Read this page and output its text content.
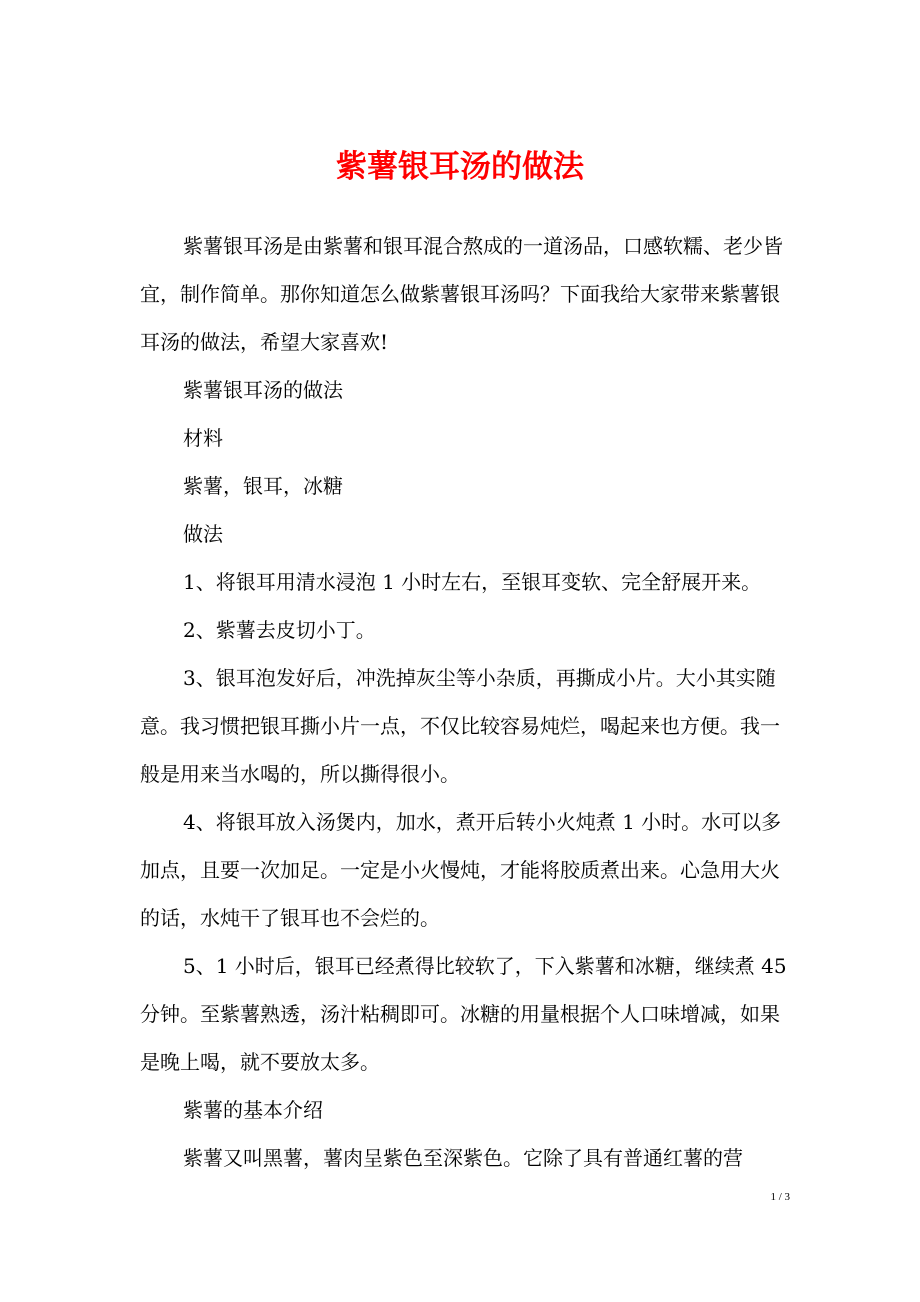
紫薯银耳汤的做法

紫薯银耳汤是由紫薯和银耳混合熬成的一道汤品，口感软糯、老少皆宜，制作简单。那你知道怎么做紫薯银耳汤吗？下面我给大家带来紫薯银耳汤的做法，希望大家喜欢!

紫薯银耳汤的做法

材料

紫薯，银耳，冰糖

做法

1、将银耳用清水浸泡 1 小时左右，至银耳变软、完全舒展开来。

2、紫薯去皮切小丁。

3、银耳泡发好后，冲洗掉灰尘等小杂质，再撕成小片。大小其实随意。我习惯把银耳撕小片一点，不仅比较容易炖烂，喝起来也方便。我一般是用来当水喝的，所以撕得很小。

4、将银耳放入汤煲内，加水，煮开后转小火炖煮 1 小时。水可以多加点，且要一次加足。一定是小火慢炖，才能将胶质煮出来。心急用大火的话，水炖干了银耳也不会烂的。

5、1 小时后，银耳已经煮得比较软了，下入紫薯和冰糖，继续煮 45 分钟。至紫薯熟透，汤汁粘稠即可。冰糖的用量根据个人口味增减，如果是晚上喝，就不要放太多。

紫薯的基本介绍

紫薯又叫黑薯，薯肉呈紫色至深紫色。它除了具有普通红薯的营

1 / 3
